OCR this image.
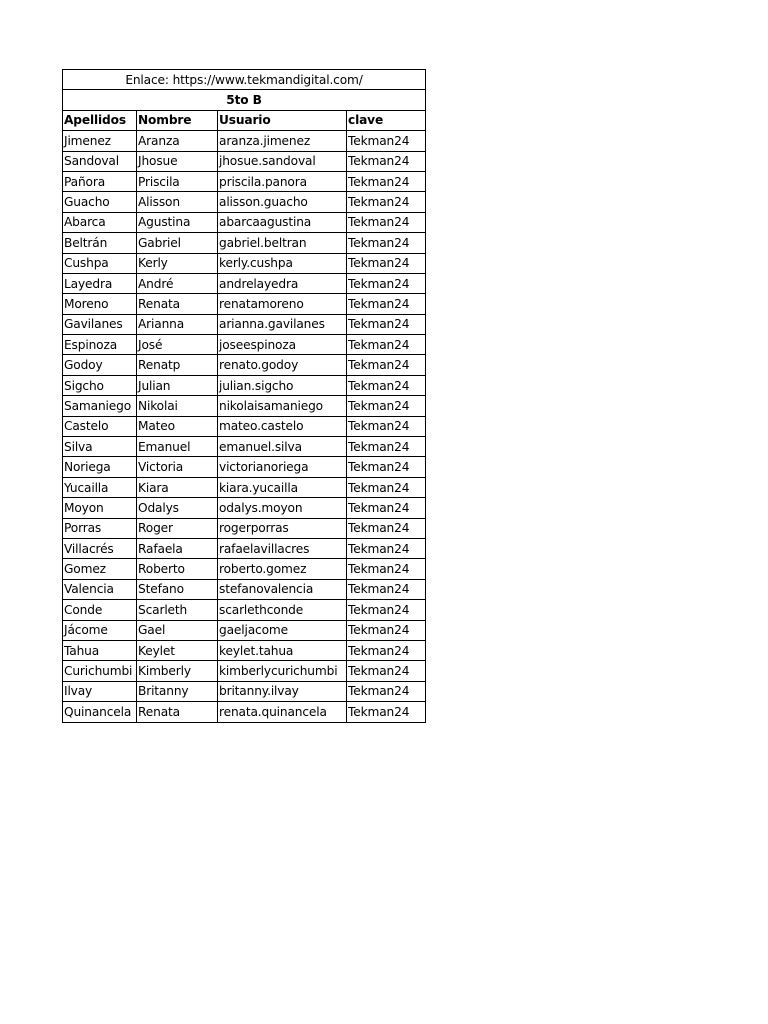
Enlace: https://www.tekmandigital.com/			
5to B			
Apellidos	Nombre	Usuario	clave
Jimenez	Aranza	aranza.jimenez	Tekman24
Sandoval	Jhosue	jhosue.sandoval	Tekman24
Pañora	Priscila	priscila.panora	Tekman24
Guacho	Alisson	alisson.guacho	Tekman24
Abarca	Agustina	abarcaagustina	Tekman24
Beltrán	Gabriel	gabriel.beltran	Tekman24
Cushpa	Kerly	kerly.cushpa	Tekman24
Layedra	André	andrelayedra	Tekman24
Moreno	Renata	renatamoreno	Tekman24
Gavilanes	Arianna	arianna.gavilanes	Tekman24
Espinoza	José	joseespinoza	Tekman24
Godoy	Renatp	renato.godoy	Tekman24
Sigcho	Julian	julian.sigcho	Tekman24
Samaniego	Nikolai	nikolaisamaniego	Tekman24
Castelo	Mateo	mateo.castelo	Tekman24
Silva	Emanuel	emanuel.silva	Tekman24
Noriega	Victoria	victorianoriega	Tekman24
Yucailla	Kiara	kiara.yucailla	Tekman24
Moyon	Odalys	odalys.moyon	Tekman24
Porras	Roger	rogerporras	Tekman24
Villacrés	Rafaela	rafaelavillacres	Tekman24
Gomez	Roberto	roberto.gomez	Tekman24
Valencia	Stefano	stefanovalencia	Tekman24
Conde	Scarleth	scarlethconde	Tekman24
Jácome	Gael	gaeljacome	Tekman24
Tahua	Keylet	keylet.tahua	Tekman24
Curichumbi	Kimberly	kimberlycurichumbi	Tekman24
Ilvay	Britanny	britanny.ilvay	Tekman24
Quinancela	Renata	renata.quinancela	Tekman24
